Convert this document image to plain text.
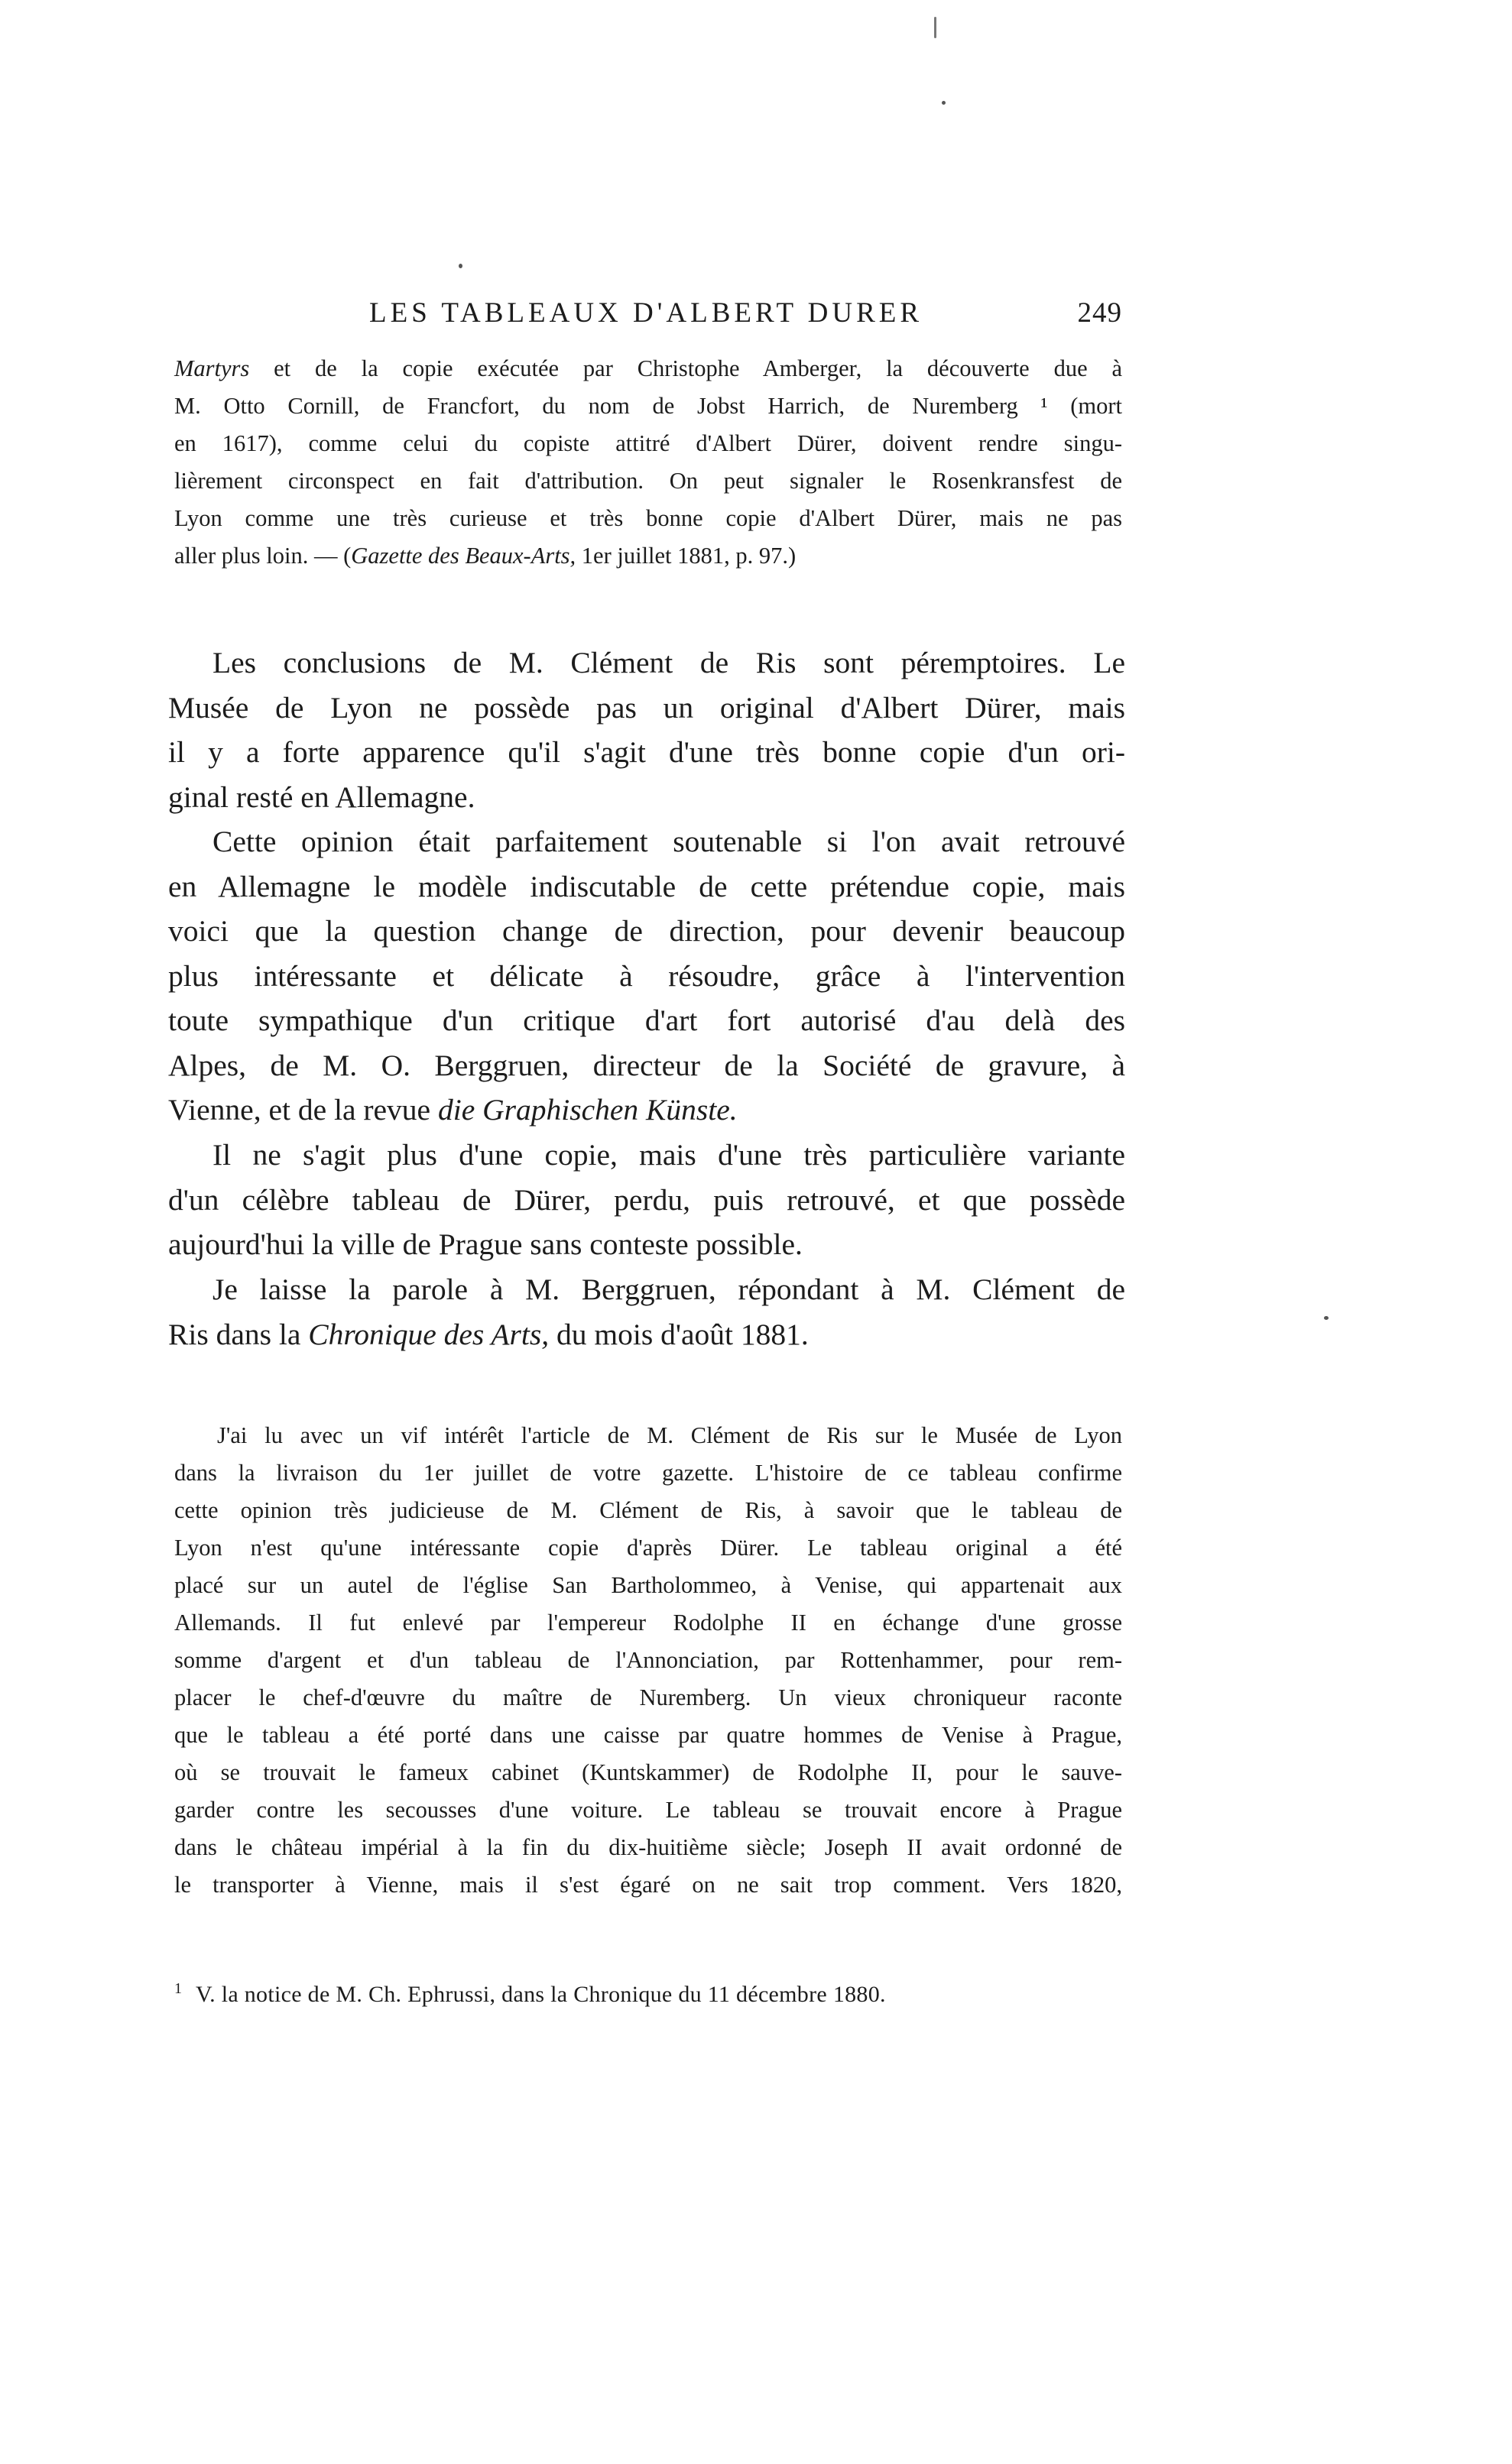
LES TABLEAUX D'ALBERT DURER	249
Martyrs et de la copie exécutée par Christophe Amberger, la découverte due à
M. Otto Cornill, de Francfort, du nom de Jobst Harrich, de Nuremberg ¹ (mort
en 1617), comme celui du copiste attitré d'Albert Dürer, doivent rendre singu-
lièrement circonspect en fait d'attribution. On peut signaler le Rosenkransfest de
Lyon comme une très curieuse et très bonne copie d'Albert Dürer, mais ne pas
aller plus loin. — (Gazette des Beaux-Arts, 1er juillet 1881, p. 97.)
Les conclusions de M. Clément de Ris sont péremptoires. Le
Musée de Lyon ne possède pas un original d'Albert Dürer, mais
il y a forte apparence qu'il s'agit d'une très bonne copie d'un ori-
ginal resté en Allemagne.
Cette opinion était parfaitement soutenable si l'on avait retrouvé
en Allemagne le modèle indiscutable de cette prétendue copie, mais
voici que la question change de direction, pour devenir beaucoup
plus intéressante et délicate à résoudre, grâce à l'intervention
toute sympathique d'un critique d'art fort autorisé d'au delà des
Alpes, de M. O. Berggruen, directeur de la Société de gravure, à
Vienne, et de la revue die Graphischen Künste.
Il ne s'agit plus d'une copie, mais d'une très particulière variante
d'un célèbre tableau de Dürer, perdu, puis retrouvé, et que possède
aujourd'hui la ville de Prague sans conteste possible.
Je laisse la parole à M. Berggruen, répondant à M. Clément de
Ris dans la Chronique des Arts, du mois d'août 1881.
J'ai lu avec un vif intérêt l'article de M. Clément de Ris sur le Musée de Lyon
dans la livraison du 1er juillet de votre gazette. L'histoire de ce tableau confirme
cette opinion très judicieuse de M. Clément de Ris, à savoir que le tableau de
Lyon n'est qu'une intéressante copie d'après Dürer. Le tableau original a été
placé sur un autel de l'église San Bartholommeo, à Venise, qui appartenait aux
Allemands. Il fut enlevé par l'empereur Rodolphe II en échange d'une grosse
somme d'argent et d'un tableau de l'Annonciation, par Rottenhammer, pour rem-
placer le chef-d'œuvre du maître de Nuremberg. Un vieux chroniqueur raconte
que le tableau a été porté dans une caisse par quatre hommes de Venise à Prague,
où se trouvait le fameux cabinet (Kuntskammer) de Rodolphe II, pour le sauve-
garder contre les secousses d'une voiture. Le tableau se trouvait encore à Prague
dans le château impérial à la fin du dix-huitième siècle; Joseph II avait ordonné de
le transporter à Vienne, mais il s'est égaré on ne sait trop comment. Vers 1820,
$^1$ V. la notice de M. Ch. Ephrussi, dans la Chronique du 11 décembre 1880.
